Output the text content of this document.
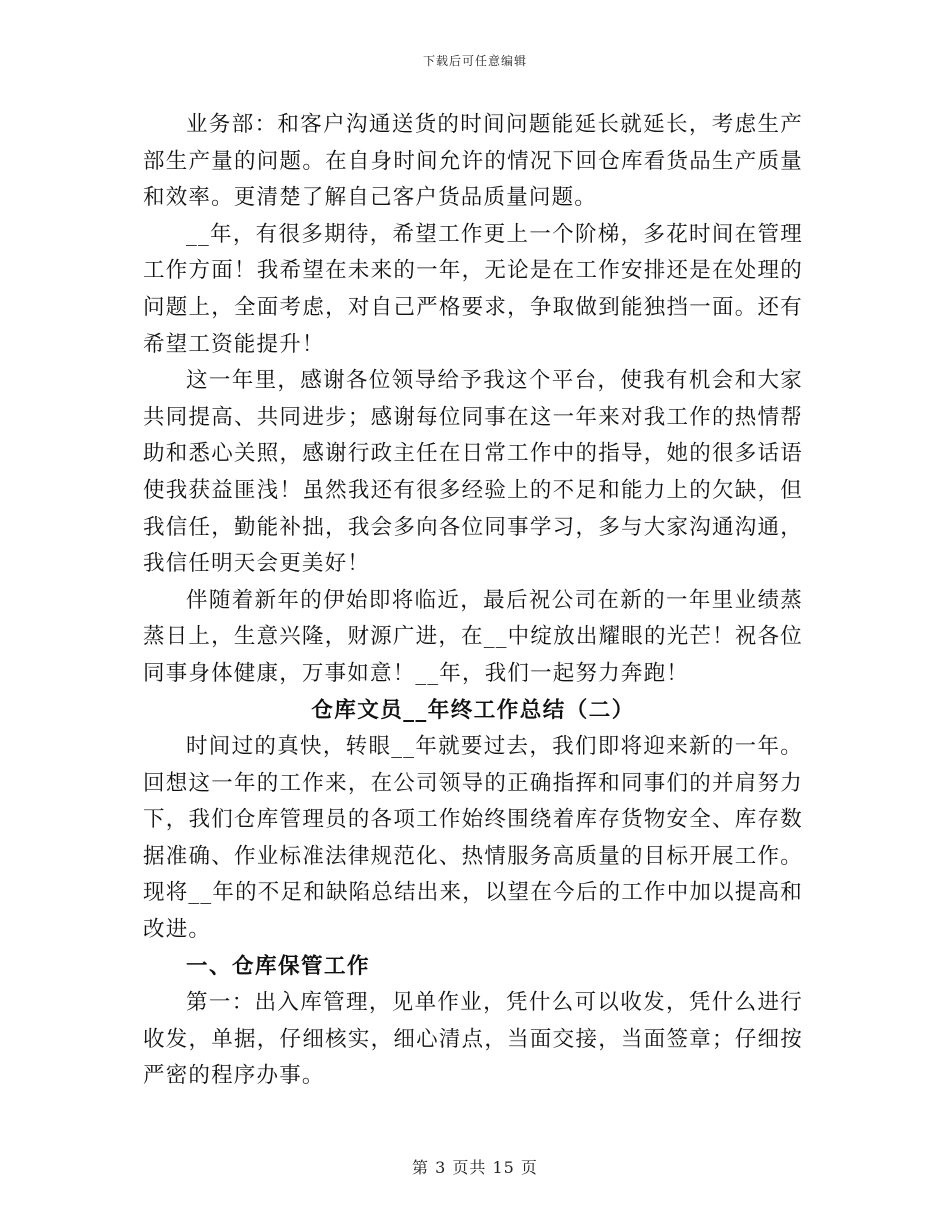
下载后可任意编辑

业务部：和客户沟通送货的时间问题能延长就延长，考虑生产部生产量的问题。在自身时间允许的情况下回仓库看货品生产质量和效率。更清楚了解自己客户货品质量问题。

__年，有很多期待，希望工作更上一个阶梯，多花时间在管理工作方面！我希望在未来的一年，无论是在工作安排还是在处理的问题上，全面考虑，对自己严格要求，争取做到能独挡一面。还有希望工资能提升！

这一年里，感谢各位领导给予我这个平台，使我有机会和大家共同提高、共同进步；感谢每位同事在这一年来对我工作的热情帮助和悉心关照，感谢行政主任在日常工作中的指导，她的很多话语使我获益匪浅！虽然我还有很多经验上的不足和能力上的欠缺，但我信任，勤能补拙，我会多向各位同事学习，多与大家沟通沟通，我信任明天会更美好！

伴随着新年的伊始即将临近，最后祝公司在新的一年里业绩蒸蒸日上，生意兴隆，财源广进，在__中绽放出耀眼的光芒！祝各位同事身体健康，万事如意！__年，我们一起努力奔跑！

仓库文员__年终工作总结（二）

时间过的真快，转眼__年就要过去，我们即将迎来新的一年。回想这一年的工作来，在公司领导的正确指挥和同事们的并肩努力下，我们仓库管理员的各项工作始终围绕着库存货物安全、库存数据准确、作业标准法律规范化、热情服务高质量的目标开展工作。现将__年的不足和缺陷总结出来，以望在今后的工作中加以提高和改进。

一、仓库保管工作

第一：出入库管理，见单作业，凭什么可以收发，凭什么进行收发，单据，仔细核实，细心清点，当面交接，当面签章；仔细按严密的程序办事。

第 3 页共 15 页
